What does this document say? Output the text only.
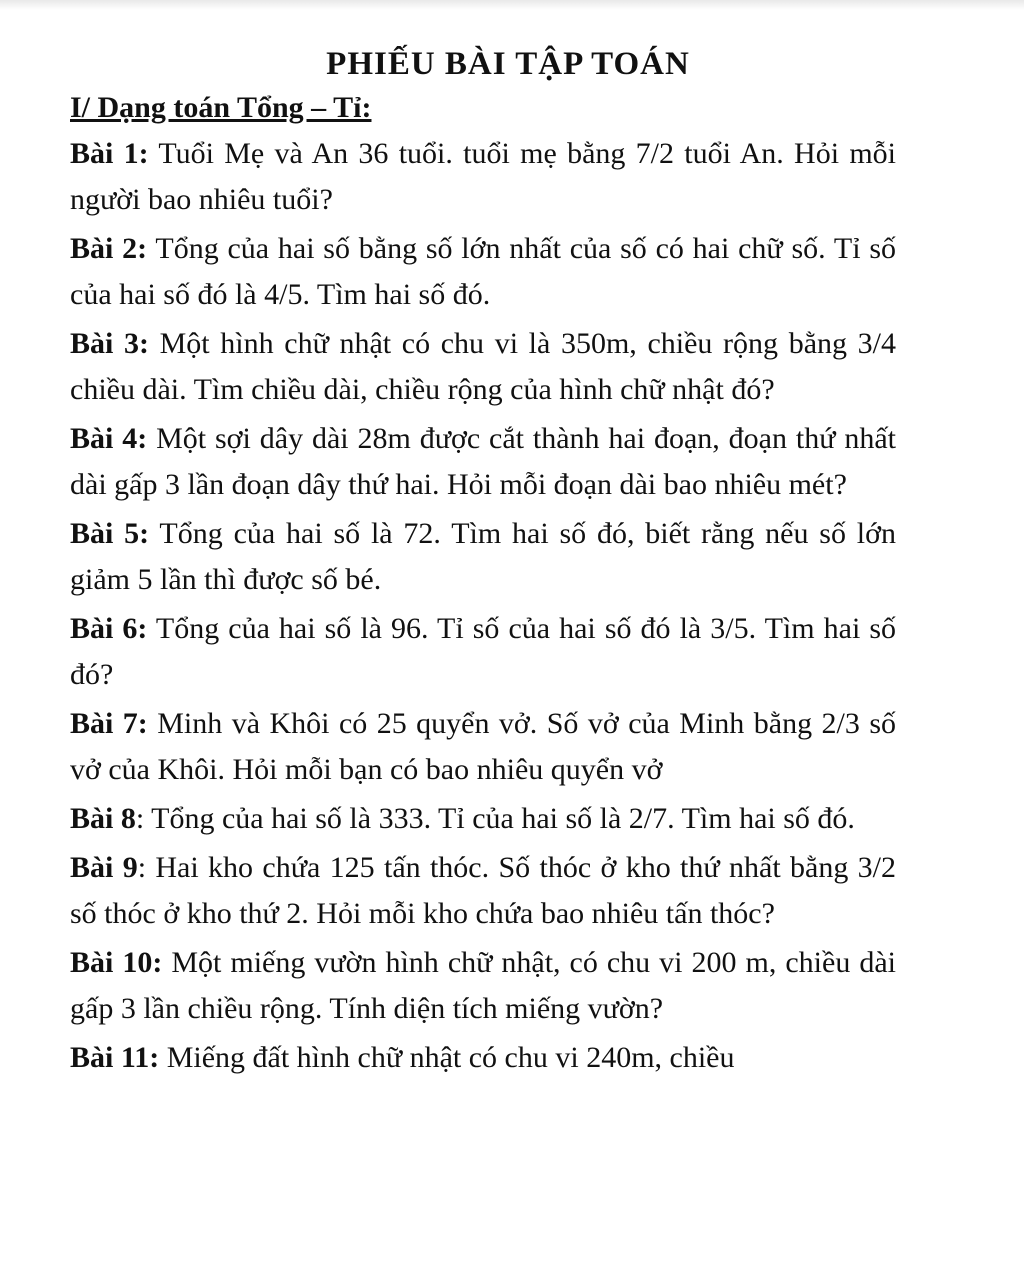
PHIẾU BÀI TẬP TOÁN
I/ Dạng toán Tổng – Tỉ:

Bài 1: Tuổi Mẹ và An 36 tuổi. tuổi mẹ bằng 7/2 tuổi An. Hỏi mỗi người bao nhiêu tuổi?

Bài 2: Tổng của hai số bằng số lớn nhất của số có hai chữ số. Tỉ số của hai số đó là 4/5. Tìm hai số đó.

Bài 3: Một hình chữ nhật có chu vi là 350m, chiều rộng bằng 3/4 chiều dài. Tìm chiều dài, chiều rộng của hình chữ nhật đó?

Bài 4: Một sợi dây dài 28m được cắt thành hai đoạn, đoạn thứ nhất dài gấp 3 lần đoạn dây thứ hai. Hỏi mỗi đoạn dài bao nhiêu mét?

Bài 5: Tổng của hai số là 72. Tìm hai số đó, biết rằng nếu số lớn giảm 5 lần thì được số bé.

Bài 6: Tổng của hai số là 96. Tỉ số của hai số đó là 3/5. Tìm hai số đó?

Bài 7: Minh và Khôi có 25 quyển vở. Số vở của Minh bằng 2/3 số vở của Khôi. Hỏi mỗi bạn có bao nhiêu quyển vở

Bài 8: Tổng của hai số là 333. Tỉ của hai số là 2/7. Tìm hai số đó.

Bài 9: Hai kho chứa 125 tấn thóc. Số thóc ở kho thứ nhất bằng 3/2 số thóc ở kho thứ 2. Hỏi mỗi kho chứa bao nhiêu tấn thóc?

Bài 10: Một miếng vườn hình chữ nhật, có chu vi 200 m, chiều dài gấp 3 lần chiều rộng. Tính diện tích miếng vườn?

Bài 11: Miếng đất hình chữ nhật có chu vi 240m, chiều
